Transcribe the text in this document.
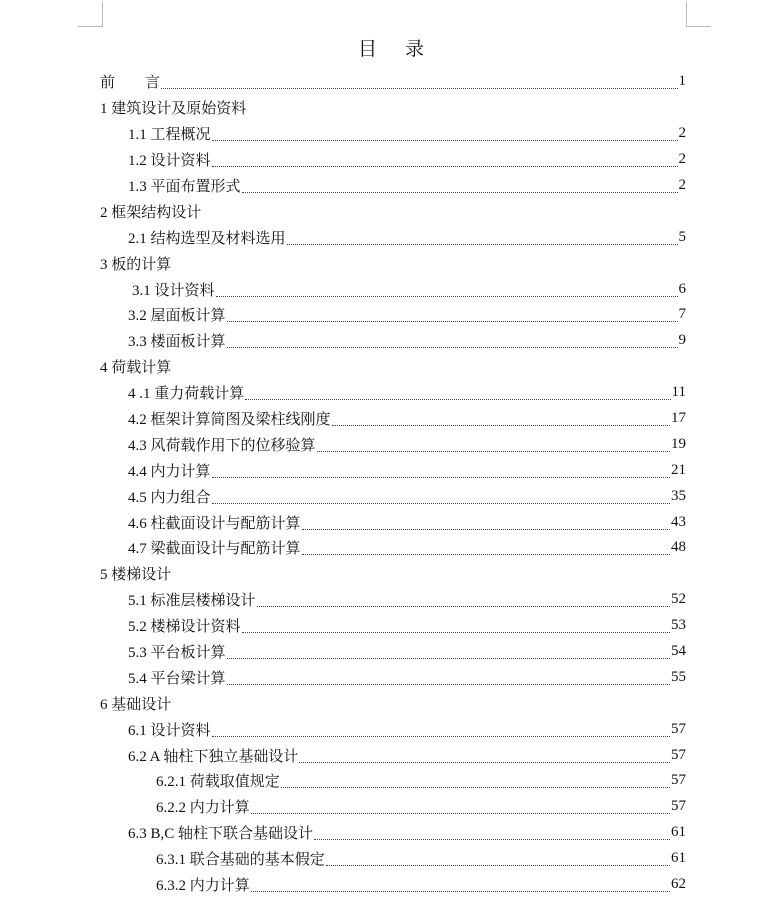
目 录
前　　言	1
1 建筑设计及原始资料
1.1 工程概况	2
1.2 设计资料	2
1.3 平面布置形式	2
2 框架结构设计
2.1 结构选型及材料选用	5
3 板的计算
3.1 设计资料	6
3.2 屋面板计算	7
3.3 楼面板计算	9
4 荷载计算
4 .1 重力荷载计算	11
4.2 框架计算简图及梁柱线刚度	17
4.3 风荷载作用下的位移验算	19
4.4 内力计算	21
4.5 内力组合	35
4.6 柱截面设计与配筋计算	43
4.7 梁截面设计与配筋计算	48
5 楼梯设计
5.1 标准层楼梯设计	52
5.2 楼梯设计资料	53
5.3 平台板计算	54
5.4 平台梁计算	55
6 基础设计
6.1 设计资料	57
6.2 A 轴柱下独立基础设计	57
6.2.1 荷载取值规定	57
6.2.2 内力计算	57
6.3 B,C 轴柱下联合基础设计	61
6.3.1 联合基础的基本假定	61
6.3.2 内力计算	62
